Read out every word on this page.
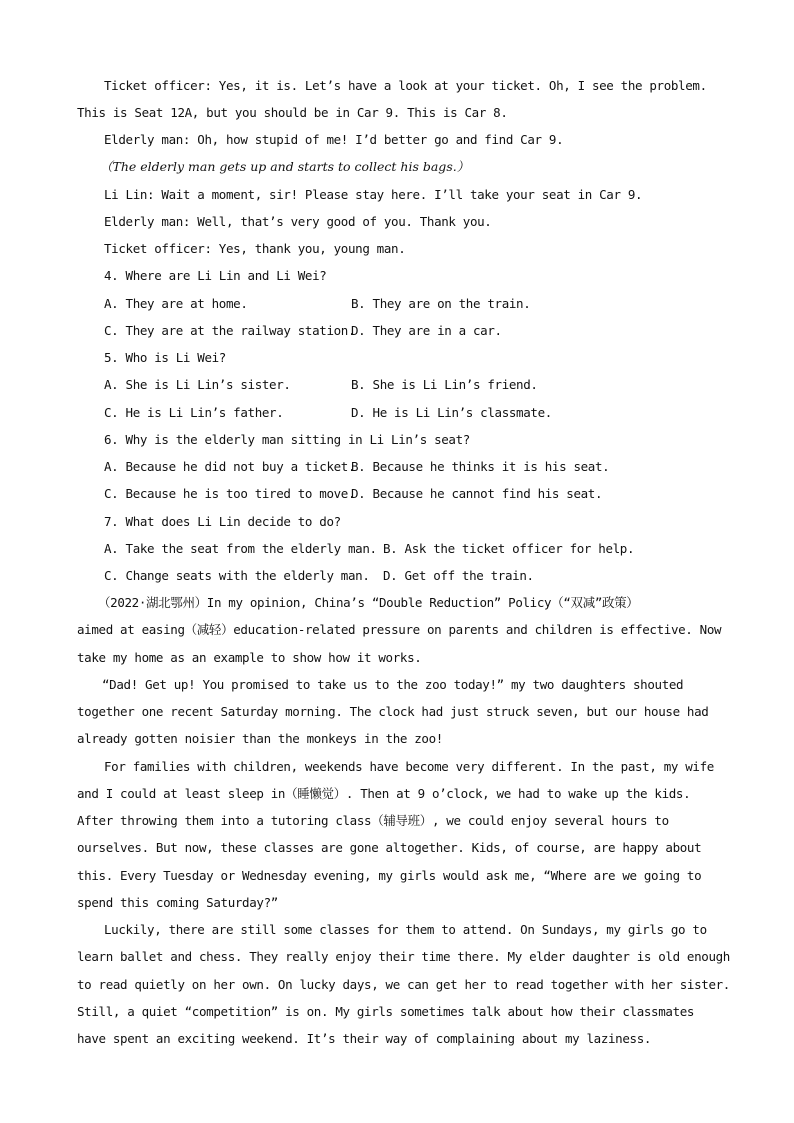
Ticket officer: Yes, it is. Let’s have a look at your ticket. Oh, I see the problem.
This is Seat 12A, but you should be in Car 9. This is Car 8.
Elderly man: Oh, how stupid of me! I’d better go and find Car 9.
（The elderly man gets up and starts to collect his bags.）
Li Lin: Wait a moment, sir! Please stay here. I’ll take your seat in Car 9.
Elderly man: Well, that’s very good of you. Thank you.
Ticket officer: Yes, thank you, young man.
4. Where are Li Lin and Li Wei?
A. They are at home.	B. They are on the train.
C. They are at the railway station.
D. They are in a car.
5. Who is Li Wei?
A. She is Li Lin’s sister.	B. She is Li Lin’s friend.
C. He is Li Lin’s father.	D. He is Li Lin’s classmate.
6. Why is the elderly man sitting in Li Lin’s seat?
A. Because he did not buy a ticket.
B. Because he thinks it is his seat.
C. Because he is too tired to move.
D. Because he cannot find his seat.
7. What does Li Lin decide to do?
A. Take the seat from the elderly man. B. Ask the ticket officer for help.
C. Change seats with the elderly man. D. Get off the train.
（2022·湖北鄂州）In my opinion, China’s “Double Reduction” Policy（“双减”政策）
aimed at easing（减轻）education-related pressure on parents and children is effective. Now
take my home as an example to show how it works.
“Dad! Get up! You promised to take us to the zoo today!” my two daughters shouted
together one recent Saturday morning. The clock had just struck seven, but our house had
already gotten noisier than the monkeys in the zoo!
For families with children, weekends have become very different. In the past, my wife
and I could at least sleep in（睡懒觉）. Then at 9 o’clock, we had to wake up the kids.
After throwing them into a tutoring class（辅导班）, we could enjoy several hours to
ourselves. But now, these classes are gone altogether. Kids, of course, are happy about
this. Every Tuesday or Wednesday evening, my girls would ask me, “Where are we going to
spend this coming Saturday?”
Luckily, there are still some classes for them to attend. On Sundays, my girls go to
learn ballet and chess. They really enjoy their time there. My elder daughter is old enough
to read quietly on her own. On lucky days, we can get her to read together with her sister.
Still, a quiet “competition” is on. My girls sometimes talk about how their classmates
have spent an exciting weekend. It’s their way of complaining about my laziness.
